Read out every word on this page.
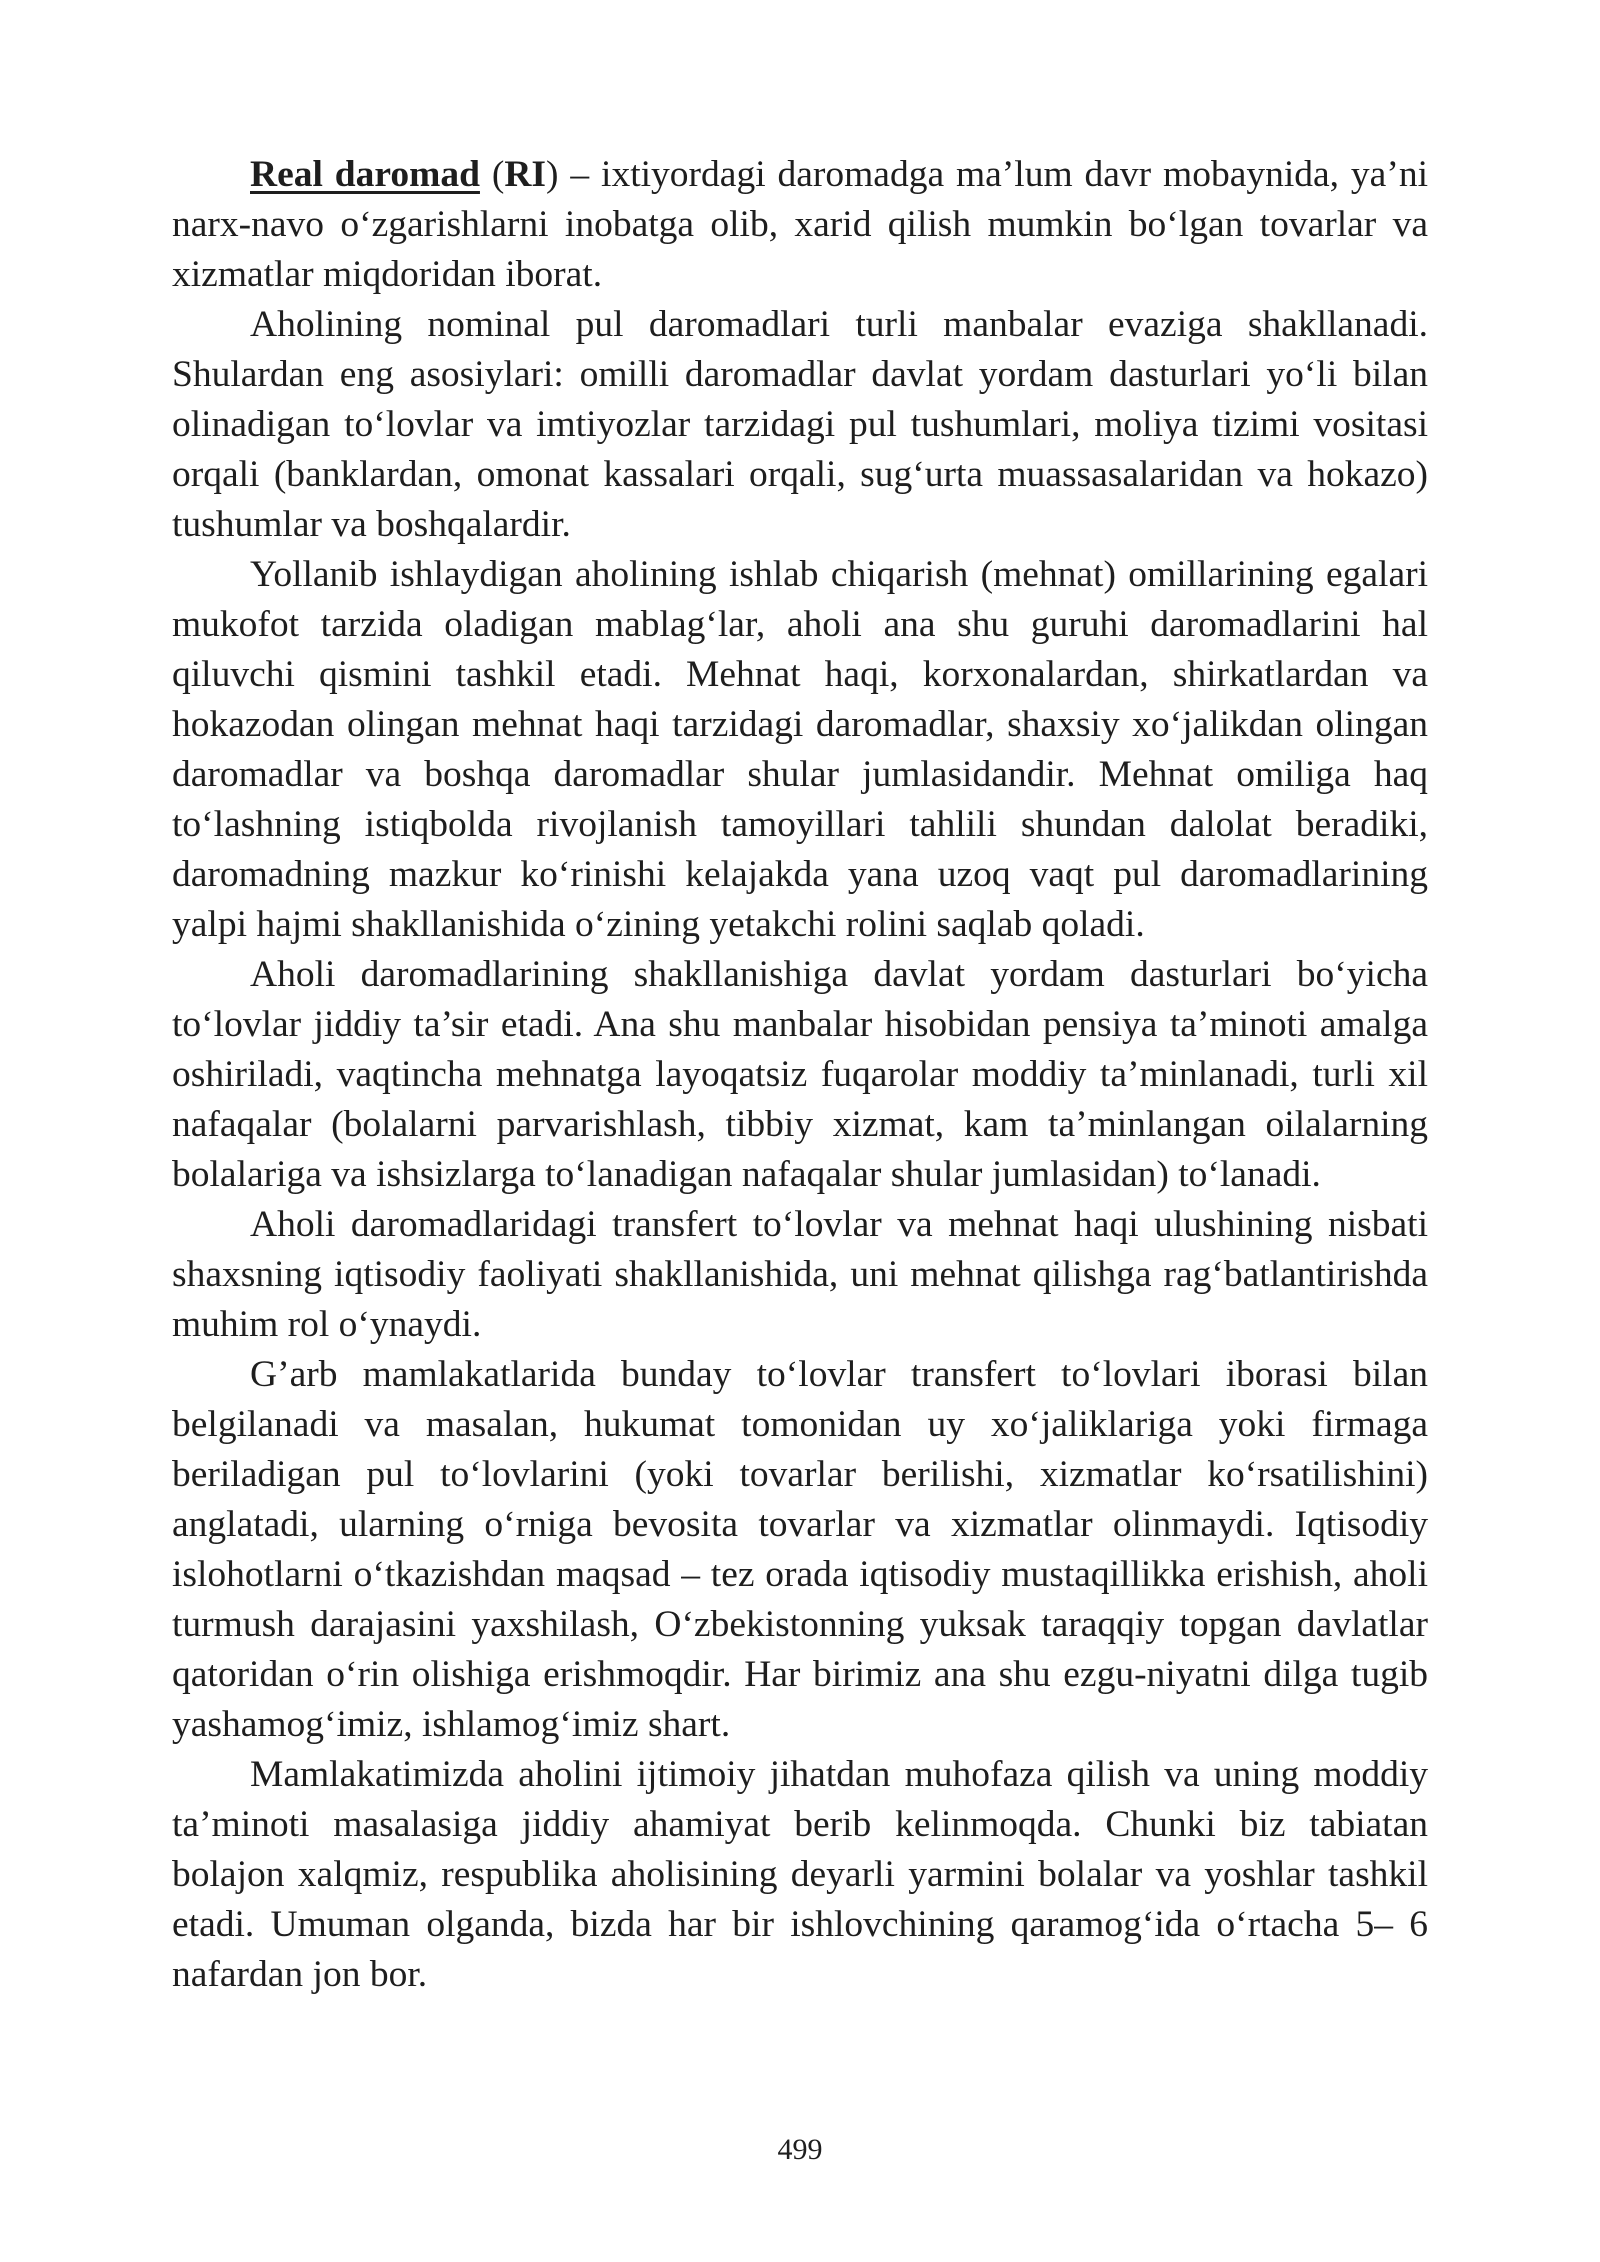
Real daromad (RI) – ixtiyordagi daromadga ma’lum davr mobaynida, ya’ni narx-navo o‘zgarishlarni inobatga olib, xarid qilish mumkin bo‘lgan tovarlar va xizmatlar miqdoridan iborat.

Aholining nominal pul daromadlari turli manbalar evaziga shakllanadi. Shulardan eng asosiylari: omilli daromadlar davlat yordam dasturlari yo‘li bilan olinadigan to‘lovlar va imtiyozlar tarzidagi pul tushumlari, moliya tizimi vositasi orqali (banklardan, omonat kassalari orqali, sug‘urta muassasalaridan va hokazo) tushumlar va boshqalardir.

Yollanib ishlaydigan aholining ishlab chiqarish (mehnat) omillarining egalari mukofot tarzida oladigan mablag‘lar, aholi ana shu guruhi daromadlarini hal qiluvchi qismini tashkil etadi. Mehnat haqi, korxonalardan, shirkatlardan va hokazodan olingan mehnat haqi tarzidagi daromadlar, shaxsiy xo‘jalikdan olingan daromadlar va boshqa daromadlar shular jumlasidandir. Mehnat omiliga haq to‘lashning istiqbolda rivojlanish tamoyillari tahlili shundan dalolat beradiki, daromadning mazkur ko‘rinishi kelajakda yana uzoq vaqt pul daromadlarining yalpi hajmi shakllanishida o‘zining yetakchi rolini saqlab qoladi.

Aholi daromadlarining shakllanishiga davlat yordam dasturlari bo‘yicha to‘lovlar jiddiy ta’sir etadi. Ana shu manbalar hisobidan pensiya ta’minoti amalga oshiriladi, vaqtincha mehnatga layoqatsiz fuqarolar moddiy ta’minlanadi, turli xil nafaqalar (bolalarni parvarishlash, tibbiy xizmat, kam ta’minlangan oilalarning bolalariga va ishsizlarga to‘lanadigan nafaqalar shular jumlasidan) to‘lanadi.

Aholi daromadlaridagi transfert to‘lovlar va mehnat haqi ulushining nisbati shaxsning iqtisodiy faoliyati shakllanishida, uni mehnat qilishga rag‘batlantirishda muhim rol o‘ynaydi.

G’arb mamlakatlarida bunday to‘lovlar transfert to‘lovlari iborasi bilan belgilanadi va masalan, hukumat tomonidan uy xo‘jaliklariga yoki firmaga beriladigan pul to‘lovlarini (yoki tovarlar berilishi, xizmatlar ko‘rsatilishini) anglatadi, ularning o‘rniga bevosita tovarlar va xizmatlar olinmaydi. Iqtisodiy islohotlarni o‘tkazishdan maqsad – tez orada iqtisodiy mustaqillikka erishish, aholi turmush darajasini yaxshilash, O‘zbekistonning yuksak taraqqiy topgan davlatlar qatoridan o‘rin olishiga erishmoqdir. Har birimiz ana shu ezgu-niyatni dilga tugib yashamog‘imiz, ishlamog‘imiz shart.

Mamlakatimizda aholini ijtimoiy jihatdan muhofaza qilish va uning moddiy ta’minoti masalasiga jiddiy ahamiyat berib kelinmoqda. Chunki biz tabiatan bolajon xalqmiz, respublika aholisining deyarli yarmini bolalar va yoshlar tashkil etadi. Umuman olganda, bizda har bir ishlovchining qaramog‘ida o‘rtacha 5– 6 nafardan jon bor.

499
